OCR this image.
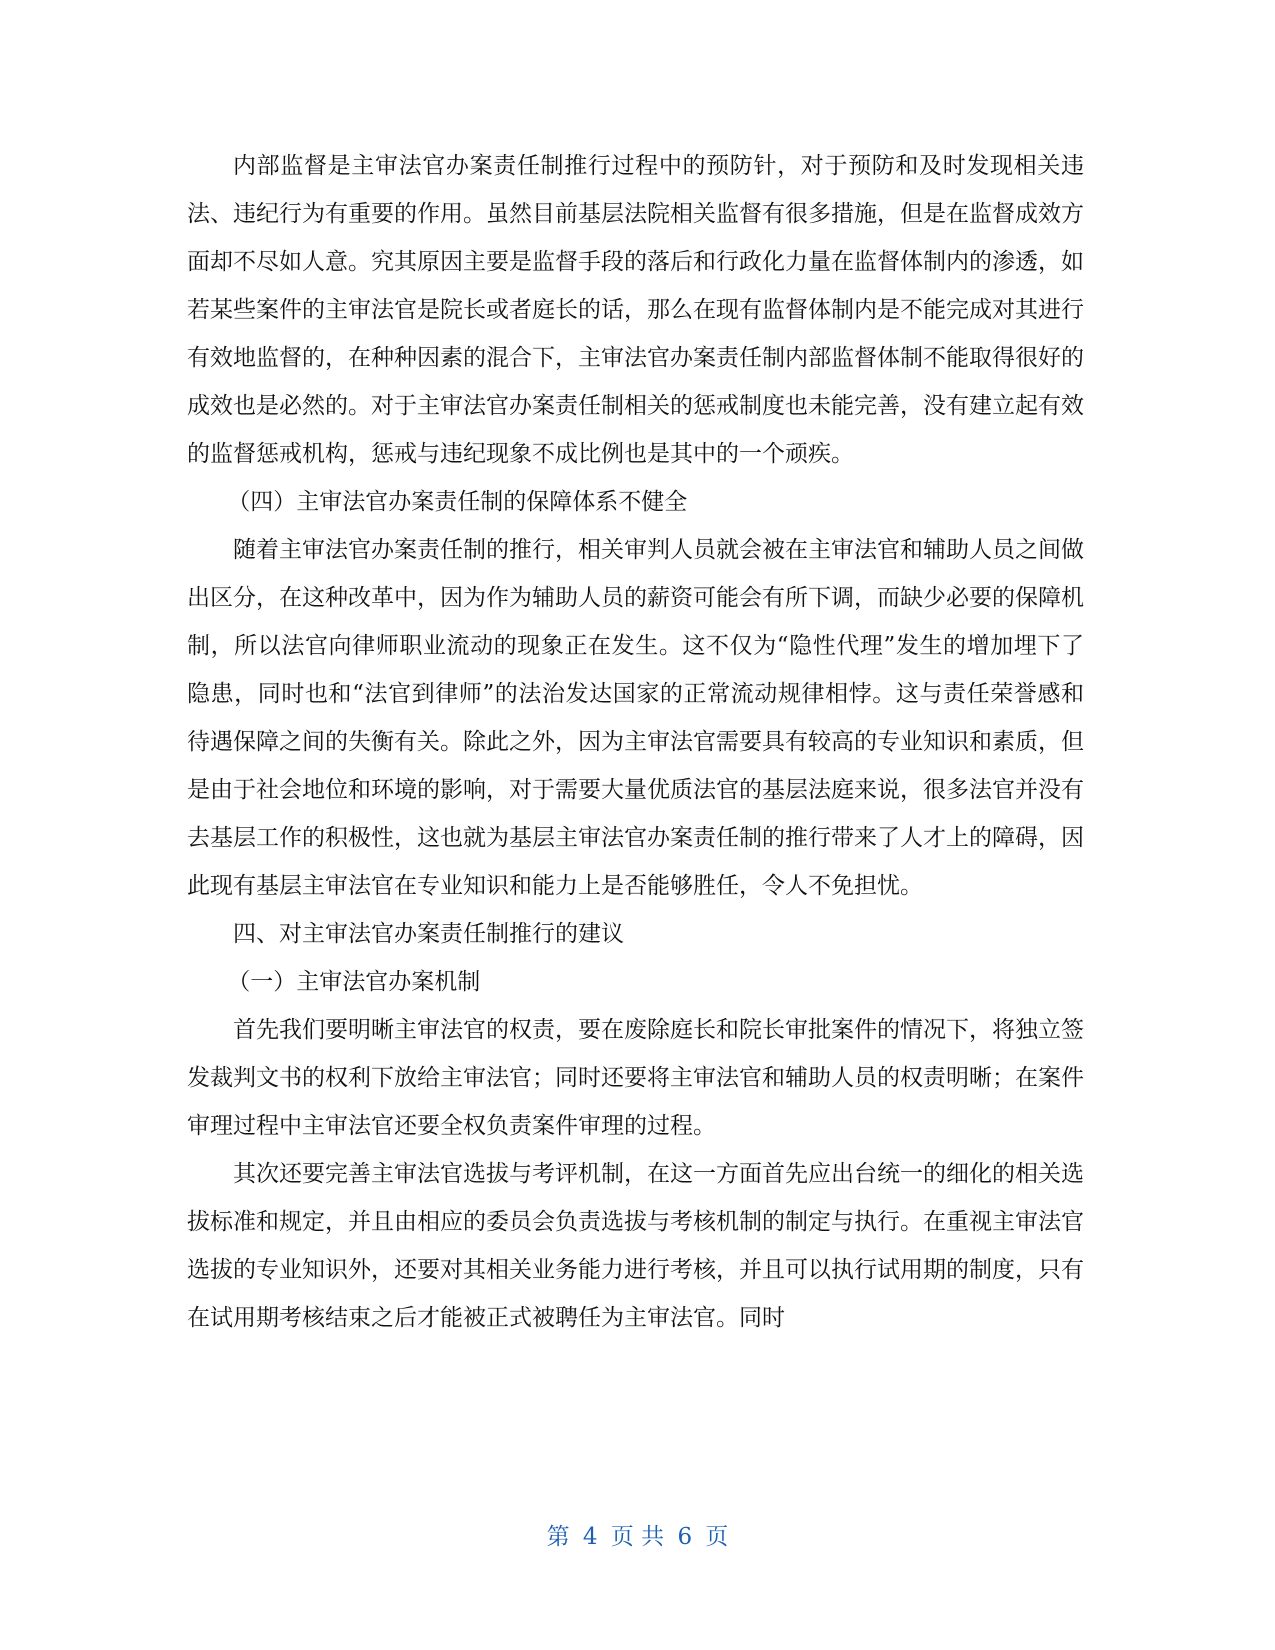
内部监督是主审法官办案责任制推行过程中的预防针，对于预防和及时发现相关违法、违纪行为有重要的作用。虽然目前基层法院相关监督有很多措施，但是在监督成效方面却不尽如人意。究其原因主要是监督手段的落后和行政化力量在监督体制内的渗透，如若某些案件的主审法官是院长或者庭长的话，那么在现有监督体制内是不能完成对其进行有效地监督的，在种种因素的混合下，主审法官办案责任制内部监督体制不能取得很好的成效也是必然的。对于主审法官办案责任制相关的惩戒制度也未能完善，没有建立起有效的监督惩戒机构，惩戒与违纪现象不成比例也是其中的一个顽疾。

（四）主审法官办案责任制的保障体系不健全

随着主审法官办案责任制的推行，相关审判人员就会被在主审法官和辅助人员之间做出区分，在这种改革中，因为作为辅助人员的薪资可能会有所下调，而缺少必要的保障机制，所以法官向律师职业流动的现象正在发生。这不仅为“隐性代理”发生的增加埋下了隐患，同时也和“法官到律师”的法治发达国家的正常流动规律相悖。这与责任荣誉感和待遇保障之间的失衡有关。除此之外，因为主审法官需要具有较高的专业知识和素质，但是由于社会地位和环境的影响，对于需要大量优质法官的基层法庭来说，很多法官并没有去基层工作的积极性，这也就为基层主审法官办案责任制的推行带来了人才上的障碍，因此现有基层主审法官在专业知识和能力上是否能够胜任，令人不免担忧。

四、对主审法官办案责任制推行的建议

（一）主审法官办案机制

首先我们要明晰主审法官的权责，要在废除庭长和院长审批案件的情况下，将独立签发裁判文书的权利下放给主审法官；同时还要将主审法官和辅助人员的权责明晰；在案件审理过程中主审法官还要全权负责案件审理的过程。

其次还要完善主审法官选拔与考评机制，在这一方面首先应出台统一的细化的相关选拔标准和规定，并且由相应的委员会负责选拔与考核机制的制定与执行。在重视主审法官选拔的专业知识外，还要对其相关业务能力进行考核，并且可以执行试用期的制度，只有在试用期考核结束之后才能被正式被聘任为主审法官。同时

第 4 页 共 6 页
